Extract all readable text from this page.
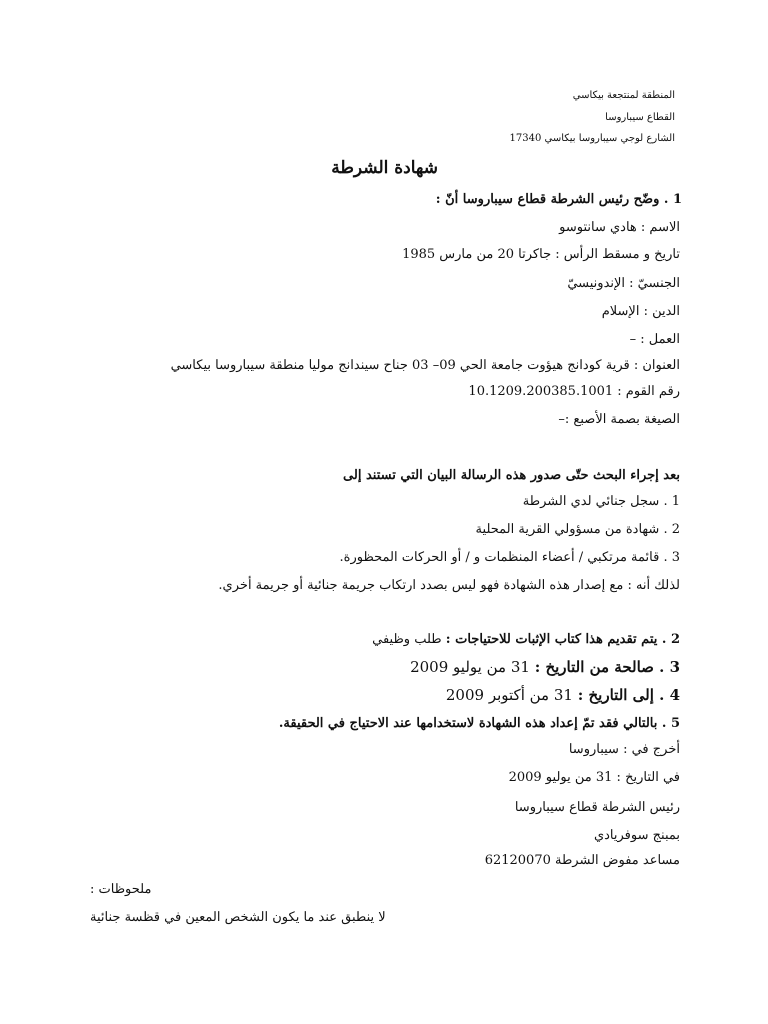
المنطقة لمنتجعة بيكاسي
القطاع سيباروسا
الشارع لوجي سيباروسا بيكاسي 17340
شهادة الشرطة
1 . وضّح رئيس الشرطة قطاع سيباروسا أنّ :
الاسم : هادي سانتوسو
تاريخ و مسقط الرأس : جاكرتا 20 من مارس 1985
الجنسيّ : الإندونيسيّ
الدين : الإسلام
العمل : –
العنوان : قرية كودانج هيؤوت جامعة الحي 09– 03 جناح سيندانج موليا منطقة سيباروسا بيكاسي
رقم القوم : 10.1209.200385.1001
الصيغة بصمة الأصبع :–
بعد إجراء البحث حتّى صدور هذه الرسالة البيان التي تستند إلى
1 . سجل جنائي لدي الشرطة
2 . شهادة من مسؤولي القرية المحلية
3 . قائمة مرتكبي / أعضاء المنظمات و / أو الحركات المحظورة.
لذلك أنه : مع إصدار هذه الشهادة فهو ليس بصدد ارتكاب جريمة جنائية أو جريمة أخري.
2 . يتم تقديم هذا كتاب الإثبات للاحتياجات : طلب وظيفي
3 . صالحة من التاريخ : 31 من يوليو 2009
4 . إلى التاريخ : 31 من أكتوبر 2009
5 . بالتالي فقد تمّ إعداد هذه الشهادة لاستخدامها عند الاحتياج في الحقيقة.
أخرج في : سيباروسا
في التاريخ : 31 من يوليو 2009
رئيس الشرطة قطاع سيباروسا
بمبنج سوفريادي
مساعد مفوض الشرطة 62120070
ملحوظات :
لا ينطبق عند ما يكون الشخص المعين في قظسة جنائية
